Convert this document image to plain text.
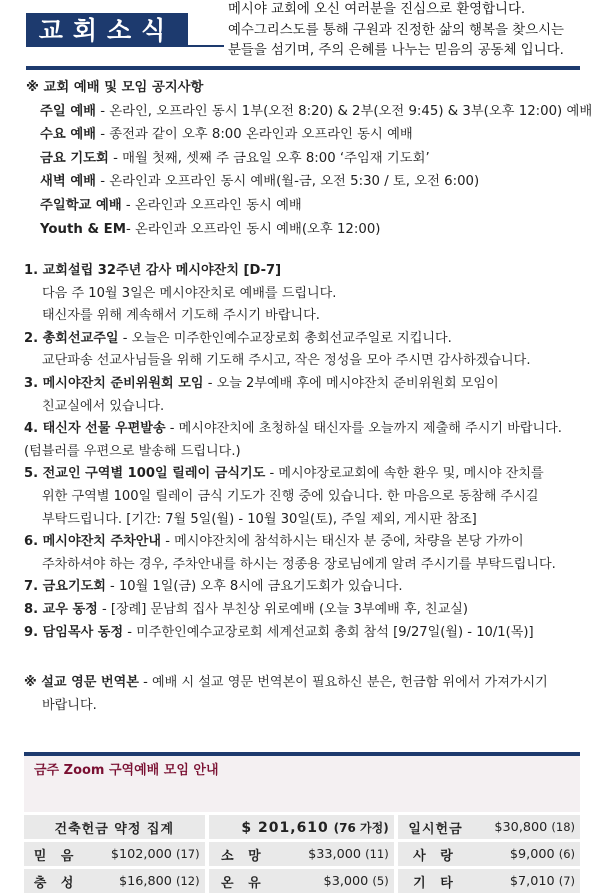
교회소식
메시야 교회에 오신 여러분을 진심으로 환영합니다.
예수그리스도를 통해 구원과 진정한 삶의 행복을 찾으시는
분들을 섬기며, 주의 은혜를 나누는 믿음의 공동체 입니다.
※ 교회 예배 및 모임 공지사항
주일 예배 - 온라인, 오프라인 동시 1부(오전 8:20) & 2부(오전 9:45) & 3부(오후 12:00) 예배
수요 예배 - 종전과 같이 오후 8:00 온라인과 오프라인 동시 예배
금요 기도회 - 매월 첫째, 셋째 주 금요일 오후 8:00 ‘주임재 기도회’
새벽 예배 - 온라인과 오프라인 동시 예배(월-금, 오전 5:30 / 토, 오전 6:00)
주일학교 예배 - 온라인과 오프라인 동시 예배
Youth & EM- 온라인과 오프라인 동시 예배(오후 12:00)
1. 교회설립 32주년 감사 메시야잔치 [D-7]
다음 주 10월 3일은 메시야잔치로 예배를 드립니다.
태신자를 위해 계속해서 기도해 주시기 바랍니다.
2. 총회선교주일 - 오늘은 미주한인예수교장로회 총회선교주일로 지킵니다.
교단파송 선교사님들을 위해 기도해 주시고, 작은 정성을 모아 주시면 감사하겠습니다.
3. 메시야잔치 준비위원회 모임 - 오늘 2부예배 후에 메시야잔치 준비위원회 모임이
친교실에서 있습니다.
4. 태신자 선물 우편발송 - 메시야잔치에 초청하실 태신자를 오늘까지 제출해 주시기 바랍니다.
(텀블러를 우편으로 발송해 드립니다.)
5. 전교인 구역별 100일 릴레이 금식기도 - 메시야장로교회에 속한 환우 및, 메시야 잔치를
위한 구역별 100일 릴레이 금식 기도가 진행 중에 있습니다. 한 마음으로 동참해 주시길
부탁드립니다. [기간: 7월 5일(월) - 10월 30일(토), 주일 제외, 게시판 참조]
6. 메시야잔치 주차안내 - 메시야잔치에 참석하시는 태신자 분 중에, 차량을 본당 가까이
주차하셔야 하는 경우, 주차안내를 하시는 정종용 장로님에게 알려 주시기를 부탁드립니다.
7. 금요기도회 - 10월 1일(금) 오후 8시에 금요기도회가 있습니다.
8. 교우 동정 - [장례] 문남희 집사 부친상 위로예배 (오늘 3부예배 후, 친교실)
9. 담임목사 동정 - 미주한인예수교장로회 세계선교회 총회 참석 [9/27일(월) - 10/1(목)]
※ 설교 영문 번역본 - 예배 시 설교 영문 번역본이 필요하신 분은, 헌금함 위에서 가져가시기
바랍니다.
금주 Zoom 구역예배 모임 안내
건축헌금 약정 집계			$ 201,610 (76 가정)			일시헌금	$30,800 (18)
믿 음	$102,000 (17)		소 망	$33,000 (11)		사 랑	$9,000 (6)
충 성	$16,800 (12)		온 유	$3,000 (5)		기 타	$7,010 (7)
